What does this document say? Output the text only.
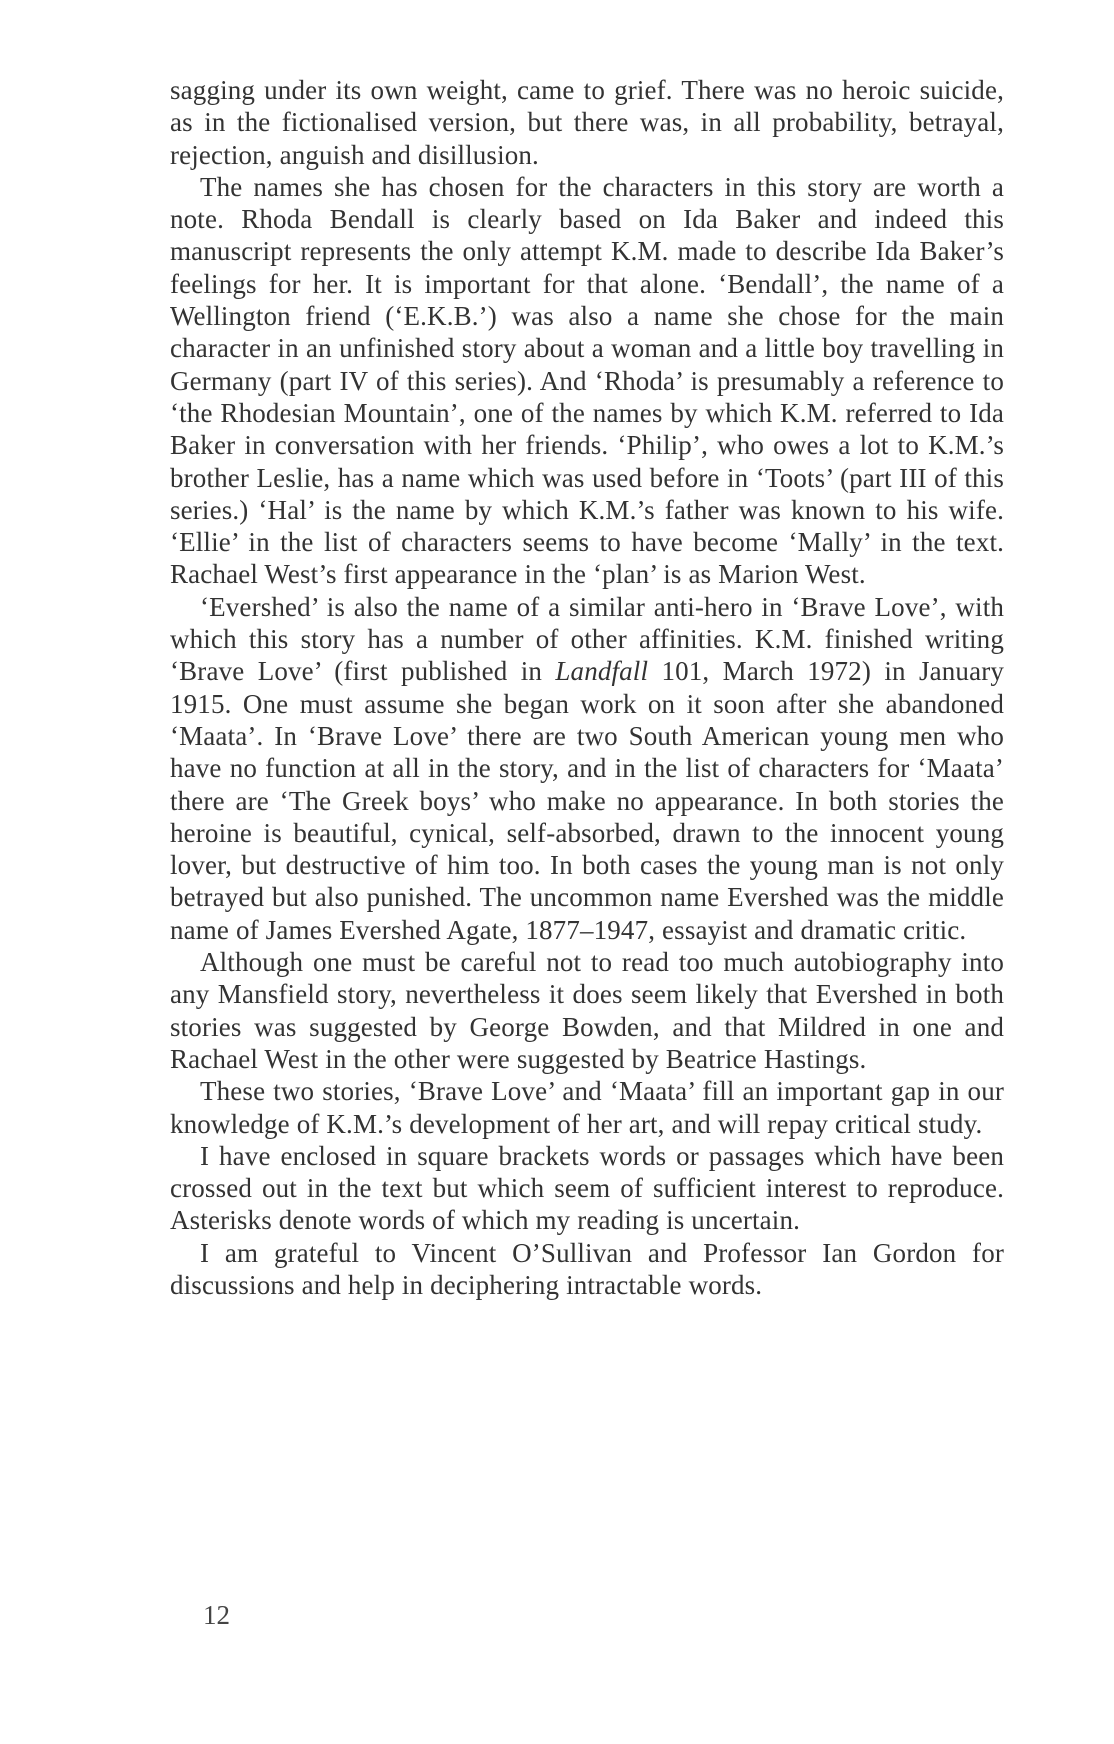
sagging under its own weight, came to grief. There was no heroic suicide, as in the fictionalised version, but there was, in all probability, betrayal, rejection, anguish and disillusion.

The names she has chosen for the characters in this story are worth a note. Rhoda Bendall is clearly based on Ida Baker and indeed this manuscript represents the only attempt K.M. made to describe Ida Baker’s feelings for her. It is important for that alone. ‘Bendall’, the name of a Wellington friend (‘E.K.B.’) was also a name she chose for the main character in an unfinished story about a woman and a little boy travelling in Germany (part IV of this series). And ‘Rhoda’ is presumably a reference to ‘the Rhodesian Mountain’, one of the names by which K.M. referred to Ida Baker in conversation with her friends. ‘Philip’, who owes a lot to K.M.’s brother Leslie, has a name which was used before in ‘Toots’ (part III of this series.) ‘Hal’ is the name by which K.M.’s father was known to his wife. ‘Ellie’ in the list of characters seems to have become ‘Mally’ in the text. Rachael West’s first appearance in the ‘plan’ is as Marion West.

‘Evershed’ is also the name of a similar anti-hero in ‘Brave Love’, with which this story has a number of other affinities. K.M. finished writing ‘Brave Love’ (first published in Landfall 101, March 1972) in January 1915. One must assume she began work on it soon after she abandoned ‘Maata’. In ‘Brave Love’ there are two South American young men who have no function at all in the story, and in the list of characters for ‘Maata’ there are ‘The Greek boys’ who make no appearance. In both stories the heroine is beautiful, cynical, self-absorbed, drawn to the innocent young lover, but destructive of him too. In both cases the young man is not only betrayed but also punished. The uncommon name Evershed was the middle name of James Evershed Agate, 1877–1947, essayist and dramatic critic.

Although one must be careful not to read too much autobiography into any Mansfield story, nevertheless it does seem likely that Evershed in both stories was suggested by George Bowden, and that Mildred in one and Rachael West in the other were suggested by Beatrice Hastings.

These two stories, ‘Brave Love’ and ‘Maata’ fill an important gap in our knowledge of K.M.’s development of her art, and will repay critical study.

I have enclosed in square brackets words or passages which have been crossed out in the text but which seem of sufficient interest to reproduce. Asterisks denote words of which my reading is uncertain.

I am grateful to Vincent O’Sullivan and Professor Ian Gordon for discussions and help in deciphering intractable words.

12
